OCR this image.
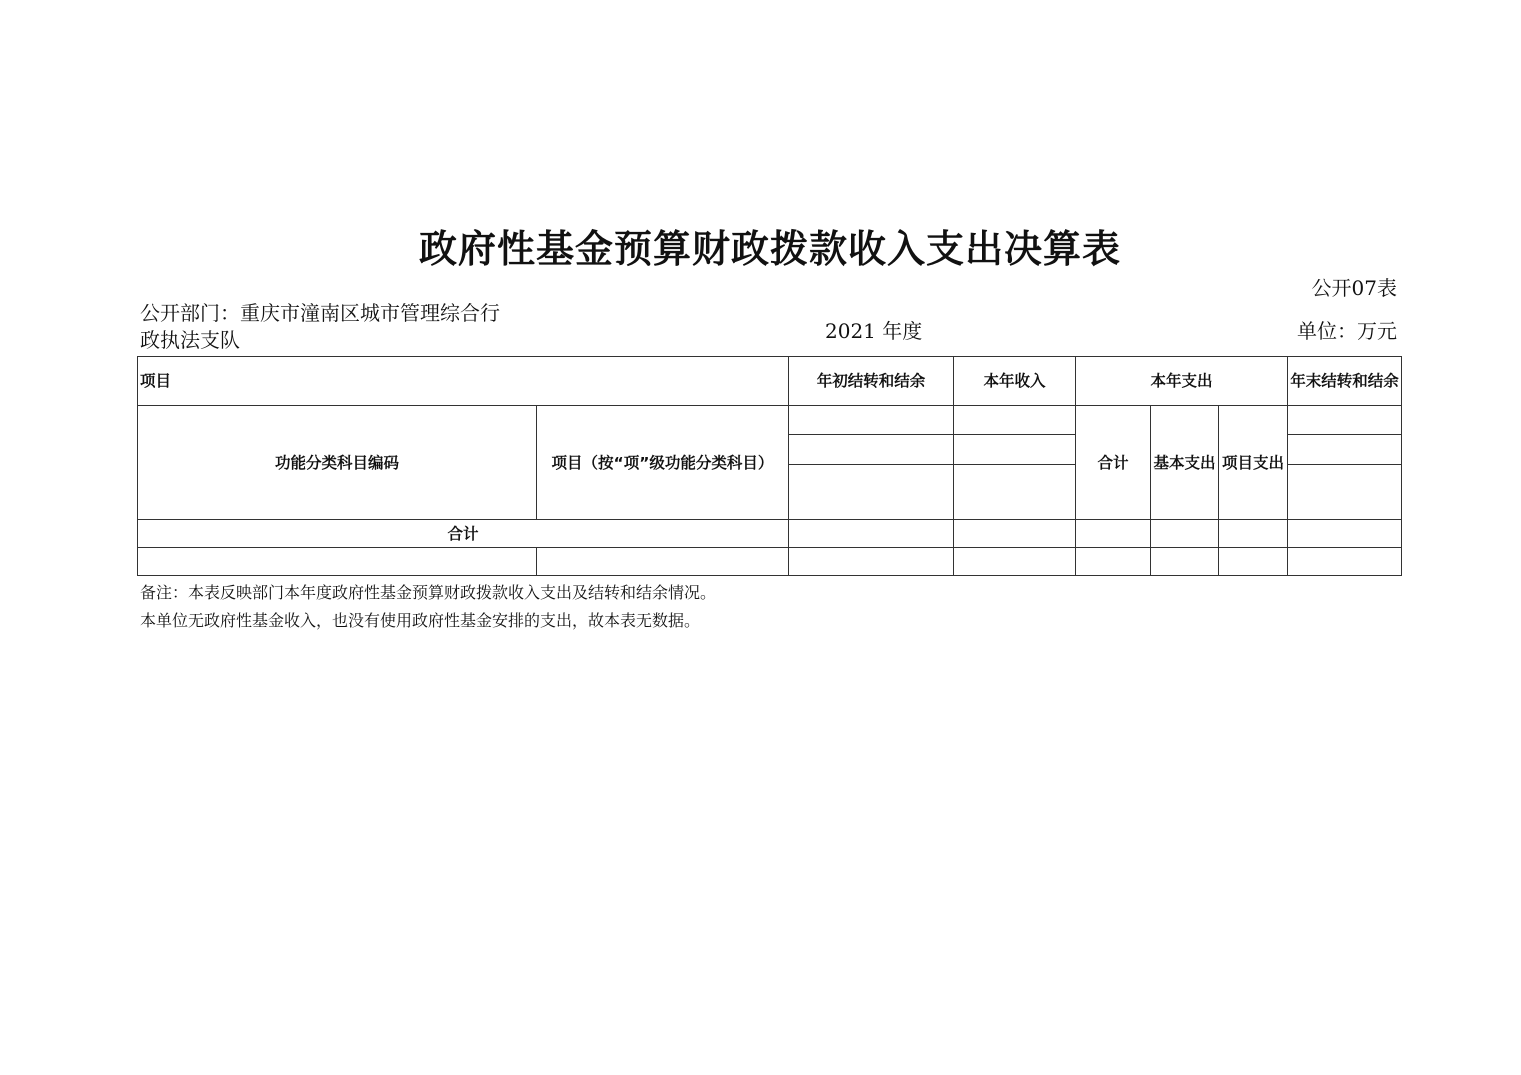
政府性基金预算财政拨款收入支出决算表
公开07表
公开部门：重庆市潼南区城市管理综合行政执法支队	2021 年度	单位：万元
项目		年初结转和结余	本年收入	本年支出			年末结转和结余
功能分类科目编码	项目（按“项”级功能分类科目）			合计	基本支出	项目支出	

合计							

备注：本表反映部门本年度政府性基金预算财政拨款收入支出及结转和结余情况。
本单位无政府性基金收入，也没有使用政府性基金安排的支出，故本表无数据。
